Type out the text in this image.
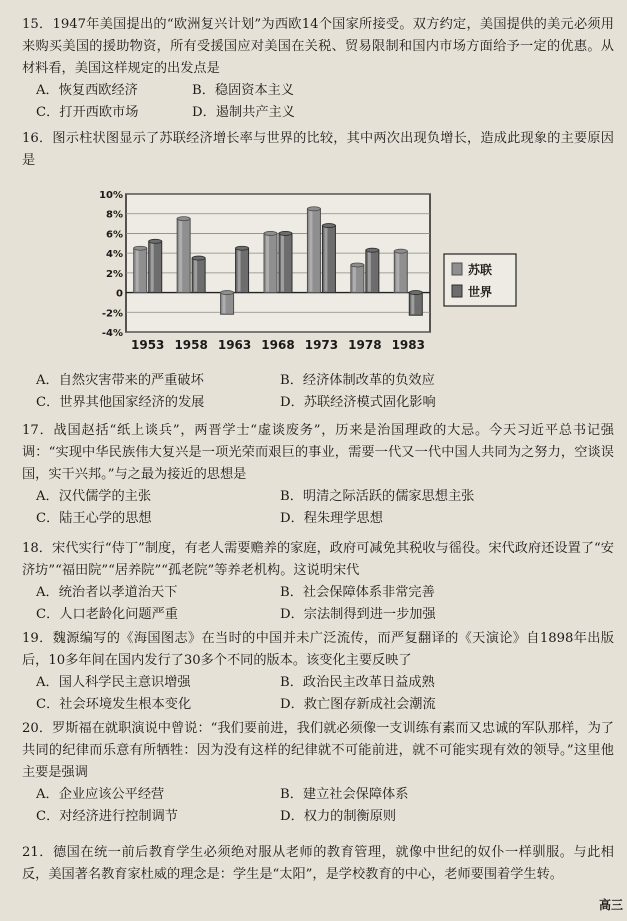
15．1947年美国提出的“欧洲复兴计划”为西欧14个国家所接受。双方约定，美国提供的美元必须用来购买美国的援助物资，所有受援国应对美国在关税、贸易限制和国内市场方面给予一定的优惠。从材料看，美国这样规定的出发点是

A．恢复西欧经济	B．稳固资本主义
C．打开西欧市场	D．遏制共产主义

16．图示柱状图显示了苏联经济增长率与世界的比较，其中两次出现负增长，造成此现象的主要原因是

10%
8%
6%
4%
2%
0
-2%
-4%
1953 1958 1963 1968 1973 1978 1983
苏联
世界
A．自然灾害带来的严重破坏	B．经济体制改革的负效应
C．世界其他国家经济的发展	D．苏联经济模式固化影响

17．战国赵括“纸上谈兵”，两晋学士“虚谈废务”，历来是治国理政的大忌。今天习近平总书记强调：“实现中华民族伟大复兴是一项光荣而艰巨的事业，需要一代又一代中国人共同为之努力，空谈误国，实干兴邦。”与之最为接近的思想是

A．汉代儒学的主张	B．明清之际活跃的儒家思想主张
C．陆王心学的思想	D．程朱理学思想

18．宋代实行“侍丁”制度，有老人需要赡养的家庭，政府可减免其税收与徭役。宋代政府还设置了“安济坊”“福田院”“居养院”“孤老院”等养老机构。这说明宋代

A．统治者以孝道治天下	B．社会保障体系非常完善
C．人口老龄化问题严重	D．宗法制得到进一步加强

19．魏源编写的《海国图志》在当时的中国并未广泛流传，而严复翻译的《天演论》自1898年出版后，10多年间在国内发行了30多个不同的版本。该变化主要反映了

A．国人科学民主意识增强	B．政治民主改革日益成熟
C．社会环境发生根本变化	D．救亡图存新成社会潮流

20．罗斯福在就职演说中曾说：“我们要前进，我们就必须像一支训练有素而又忠诚的军队那样，为了共同的纪律而乐意有所牺牲：因为没有这样的纪律就不可能前进，就不可能实现有效的领导。”这里他主要是强调

A．企业应该公平经营	B．建立社会保障体系
C．对经济进行控制调节	D．权力的制衡原则

21．德国在统一前后教育学生必须绝对服从老师的教育管理，就像中世纪的奴仆一样驯服。与此相反，美国著名教育家杜威的理念是：学生是“太阳”，是学校教育的中心，老师要围着学生转。

高三
